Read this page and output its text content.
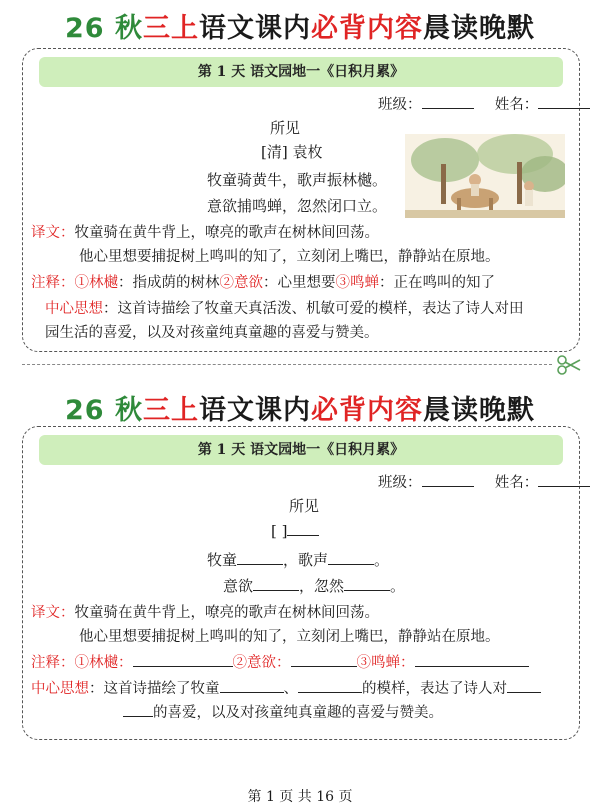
26 秋三上语文课内必背内容晨读晚默
第 1 天 语文园地一《日积月累》
班级：	姓名：
所见
[清] 袁枚
牧童骑黄牛，歌声振林樾。
意欲捕鸣蝉，忽然闭口立。
译文：牧童骑在黄牛背上，嘹亮的歌声在树林间回荡。
他心里想要捕捉树上鸣叫的知了，立刻闭上嘴巴，静静站在原地。
注释：①林樾：指成荫的树林②意欲：心里想要③鸣蝉：正在鸣叫的知了
中心思想：这首诗描绘了牧童天真活泼、机敏可爱的模样，表达了诗人对田
园生活的喜爱，以及对孩童纯真童趣的喜爱与赞美。
26 秋三上语文课内必背内容晨读晚默
第 1 天 语文园地一《日积月累》
班级：	姓名：
所见
[ ]
牧童	，歌声	。
意欲	，忽然	。
译文：牧童骑在黄牛背上，嘹亮的歌声在树林间回荡。
他心里想要捕捉树上鸣叫的知了，立刻闭上嘴巴，静静站在原地。
注释：①林樾：	②意欲：	③鸣蝉：
中心思想：这首诗描绘了牧童	、	的模样，表达了诗人对
的喜爱，以及对孩童纯真童趣的喜爱与赞美。
第 1 页 共 16 页
